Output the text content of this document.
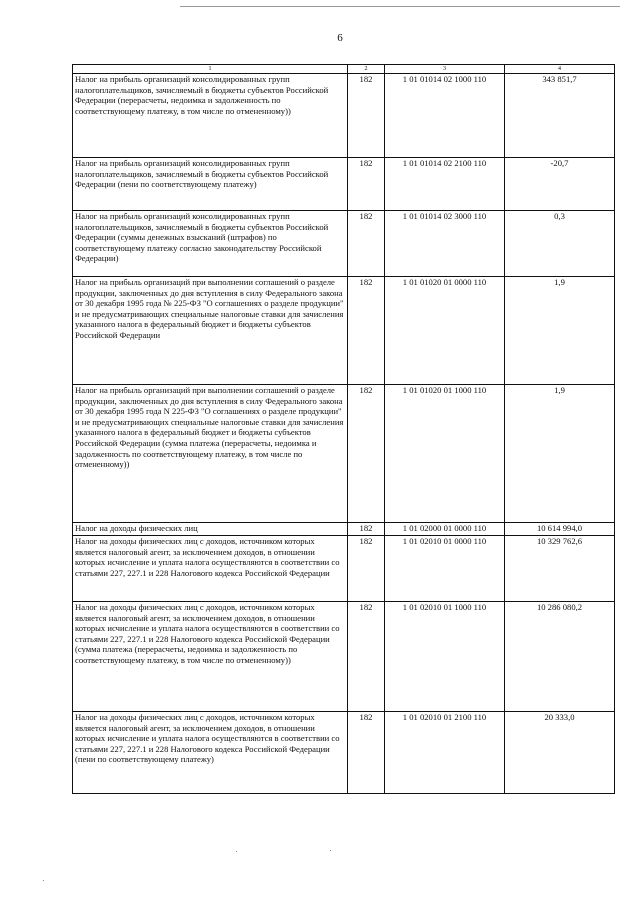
6
1	2	3	4
Налог на прибыль организаций консолидированных групп налогоплательщиков, зачисляемый в бюджеты субъектов Российской Федерации (перерасчеты, недоимка и задолженность по соответствующему платежу, в том числе по отмененному))	182	1 01 01014 02 1000 110	343 851,7
Налог на прибыль организаций консолидированных групп налогоплательщиков, зачисляемый в бюджеты субъектов Российской Федерации (пени по соответствующему платежу)	182	1 01 01014 02 2100 110	-20,7
Налог на прибыль организаций консолидированных групп налогоплательщиков, зачисляемый в бюджеты субъектов Российской Федерации (суммы денежных взысканий (штрафов) по соответствующему платежу согласно законодательству Российской Федерации)	182	1 01 01014 02 3000 110	0,3
Налог на прибыль организаций при выполнении соглашений о разделе продукции, заключенных до дня вступления в силу Федерального закона от 30 декабря 1995 года № 225-ФЗ "О соглашениях о разделе продукции" и не предусматривающих специальные налоговые ставки для зачисления указанного налога в федеральный бюджет и бюджеты субъектов Российской Федерации	182	1 01 01020 01 0000 110	1,9
Налог на прибыль организаций при выполнении соглашений о разделе продукции, заключенных до дня вступления в силу Федерального закона от 30 декабря 1995 года N 225-ФЗ "О соглашениях о разделе продукции" и не предусматривающих специальные налоговые ставки для зачисления указанного налога в федеральный бюджет и бюджеты субъектов Российской Федерации (сумма платежа (перерасчеты, недоимка и задолженность по соответствующему платежу, в том числе по отмененному))	182	1 01 01020 01 1000 110	1,9
Налог на доходы физических лиц	182	1 01 02000 01 0000 110	10 614 994,0
Налог на доходы физических лиц с доходов, источником которых является налоговый агент, за исключением доходов, в отношении которых исчисление и уплата налога осуществляются в соответствии со статьями 227, 227.1 и 228 Налогового кодекса Российской Федерации	182	1 01 02010 01 0000 110	10 329 762,6
Налог на доходы физических лиц с доходов, источником которых является налоговый агент, за исключением доходов, в отношении которых исчисление и уплата налога осуществляются в соответствии со статьями 227, 227.1 и 228 Налогового кодекса Российской Федерации (сумма платежа (перерасчеты, недоимка и задолженность по соответствующему платежу, в том числе по отмененному))	182	1 01 02010 01 1000 110	10 286 080,2
Налог на доходы физических лиц с доходов, источником которых является налоговый агент, за исключением доходов, в отношении которых исчисление и уплата налога осуществляются в соответствии со статьями 227, 227.1 и 228 Налогового кодекса Российской Федерации (пени по соответствующему платежу)	182	1 01 02010 01 2100 110	20 333,0
